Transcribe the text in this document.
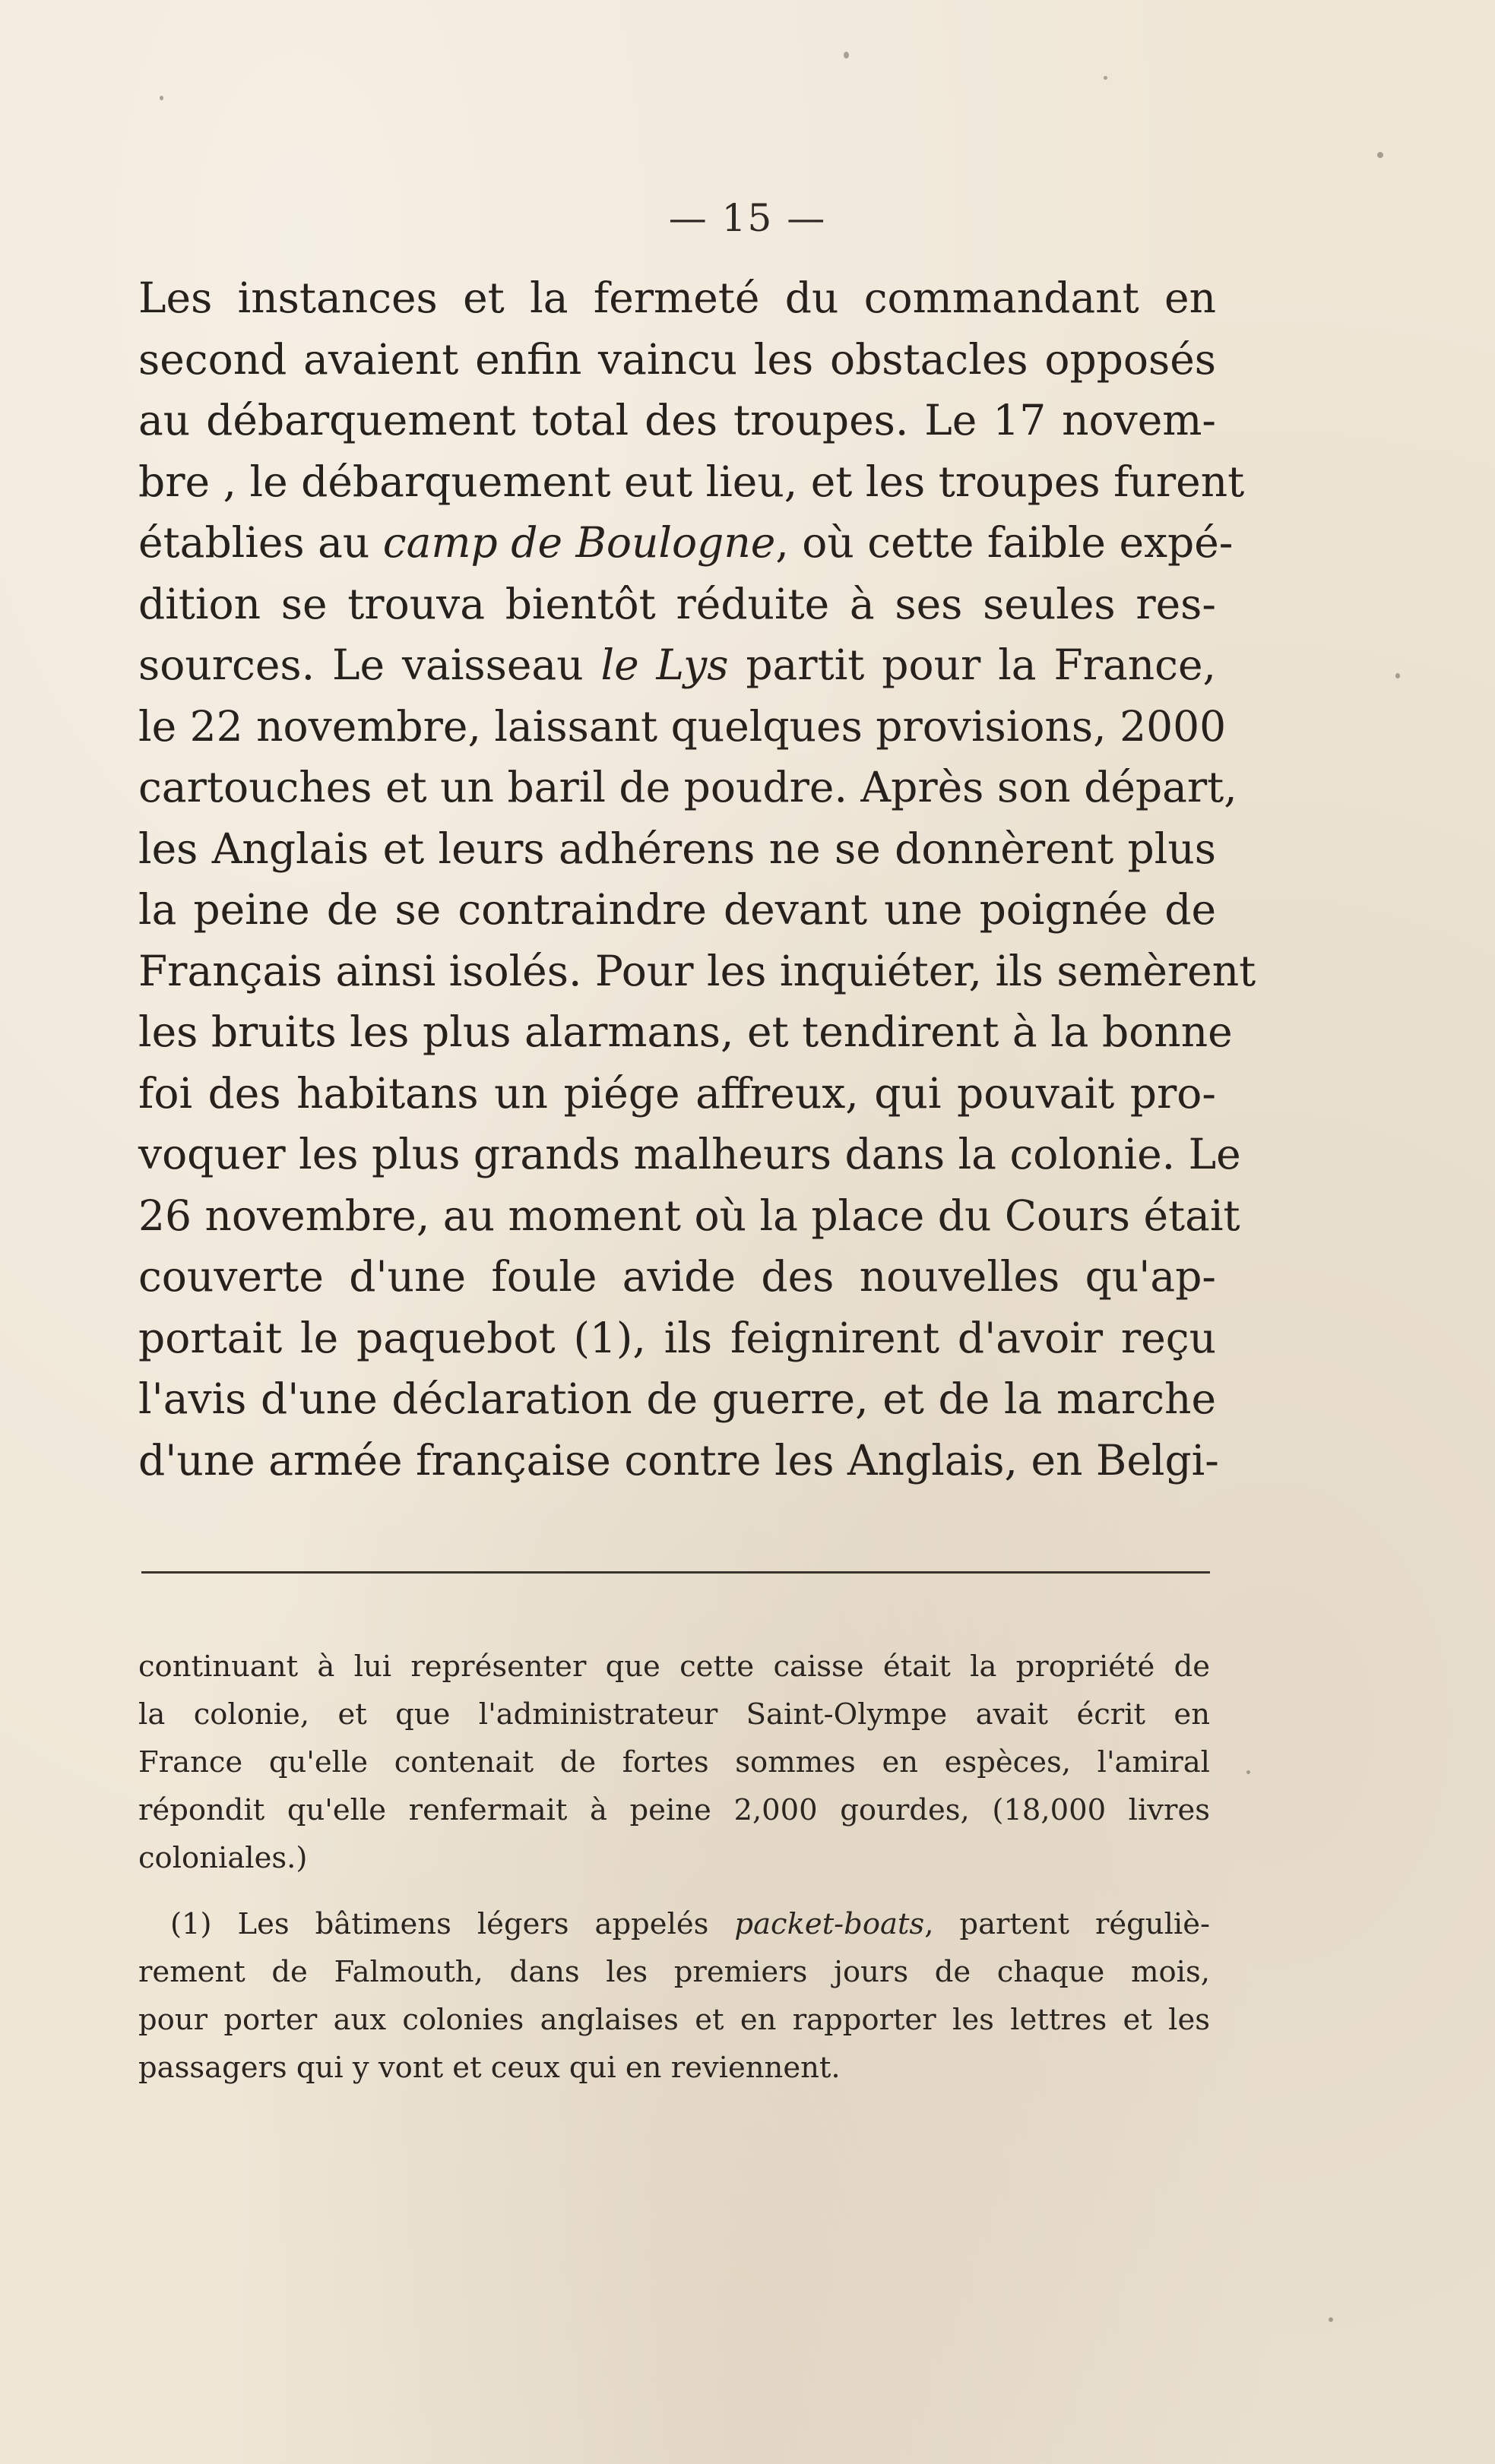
— 15 —
Les instances et la fermeté du commandant en
second avaient enfin vaincu les obstacles opposés
au débarquement total des troupes. Le 17 novem-
bre , le débarquement eut lieu, et les troupes furent
établies au camp de Boulogne, où cette faible expé-
dition se trouva bientôt réduite à ses seules res-
sources. Le vaisseau le Lys partit pour la France,
le 22 novembre, laissant quelques provisions, 2000
cartouches et un baril de poudre. Après son départ,
les Anglais et leurs adhérens ne se donnèrent plus
la peine de se contraindre devant une poignée de
Français ainsi isolés. Pour les inquiéter, ils semèrent
les bruits les plus alarmans, et tendirent à la bonne
foi des habitans un piége affreux, qui pouvait pro-
voquer les plus grands malheurs dans la colonie. Le
26 novembre, au moment où la place du Cours était
couverte d'une foule avide des nouvelles qu'ap-
portait le paquebot (1), ils feignirent d'avoir reçu
l'avis d'une déclaration de guerre, et de la marche
d'une armée française contre les Anglais, en Belgi-
continuant à lui représenter que cette caisse était la propriété de
la colonie, et que l'administrateur Saint-Olympe avait écrit en
France qu'elle contenait de fortes sommes en espèces, l'amiral
répondit qu'elle renfermait à peine 2,000 gourdes, (18,000 livres
coloniales.)
(1) Les bâtimens légers appelés packet-boats, partent réguliè-
rement de Falmouth, dans les premiers jours de chaque mois,
pour porter aux colonies anglaises et en rapporter les lettres et les
passagers qui y vont et ceux qui en reviennent.
